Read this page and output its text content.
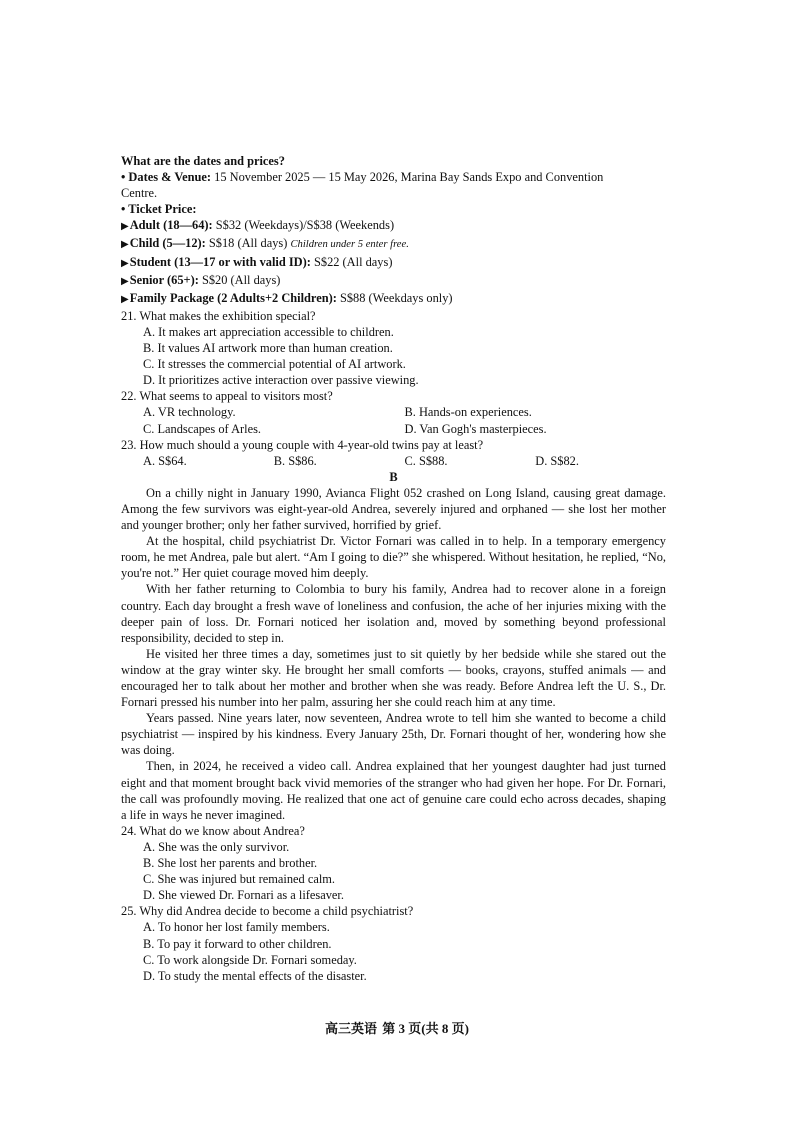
What are the dates and prices?
• Dates & Venue: 15 November 2025 — 15 May 2026, Marina Bay Sands Expo and Convention
Centre.
• Ticket Price:
▶Adult (18—64): S$32 (Weekdays)/S$38 (Weekends)
▶Child (5—12): S$18 (All days) Children under 5 enter free.
▶Student (13—17 or with valid ID): S$22 (All days)
▶Senior (65+): S$20 (All days)
▶Family Package (2 Adults+2 Children): S$88 (Weekdays only)
21. What makes the exhibition special?
A. It makes art appreciation accessible to children.
B. It values AI artwork more than human creation.
C. It stresses the commercial potential of AI artwork.
D. It prioritizes active interaction over passive viewing.
22. What seems to appeal to visitors most?
A. VR technology.	B. Hands-on experiences.
C. Landscapes of Arles.	D. Van Gogh's masterpieces.
23. How much should a young couple with 4-year-old twins pay at least?
A. S$64.	B. S$86.	C. S$88.	D. S$82.
B
On a chilly night in January 1990, Avianca Flight 052 crashed on Long Island, causing great damage. Among the few survivors was eight-year-old Andrea, severely injured and orphaned — she lost her mother and younger brother; only her father survived, horrified by grief.
At the hospital, child psychiatrist Dr. Victor Fornari was called in to help. In a temporary emergency room, he met Andrea, pale but alert. “Am I going to die?” she whispered. Without hesitation, he replied, “No, you're not.” Her quiet courage moved him deeply.
With her father returning to Colombia to bury his family, Andrea had to recover alone in a foreign country. Each day brought a fresh wave of loneliness and confusion, the ache of her injuries mixing with the deeper pain of loss. Dr. Fornari noticed her isolation and, moved by something beyond professional responsibility, decided to step in.
He visited her three times a day, sometimes just to sit quietly by her bedside while she stared out the window at the gray winter sky. He brought her small comforts — books, crayons, stuffed animals — and encouraged her to talk about her mother and brother when she was ready. Before Andrea left the U. S., Dr. Fornari pressed his number into her palm, assuring her she could reach him at any time.
Years passed. Nine years later, now seventeen, Andrea wrote to tell him she wanted to become a child psychiatrist — inspired by his kindness. Every January 25th, Dr. Fornari thought of her, wondering how she was doing.
Then, in 2024, he received a video call. Andrea explained that her youngest daughter had just turned eight and that moment brought back vivid memories of the stranger who had given her hope. For Dr. Fornari, the call was profoundly moving. He realized that one act of genuine care could echo across decades, shaping a life in ways he never imagined.
24. What do we know about Andrea?
A. She was the only survivor.
B. She lost her parents and brother.
C. She was injured but remained calm.
D. She viewed Dr. Fornari as a lifesaver.
25. Why did Andrea decide to become a child psychiatrist?
A. To honor her lost family members.
B. To pay it forward to other children.
C. To work alongside Dr. Fornari someday.
D. To study the mental effects of the disaster.
高三英语 第 3 页(共 8 页)
